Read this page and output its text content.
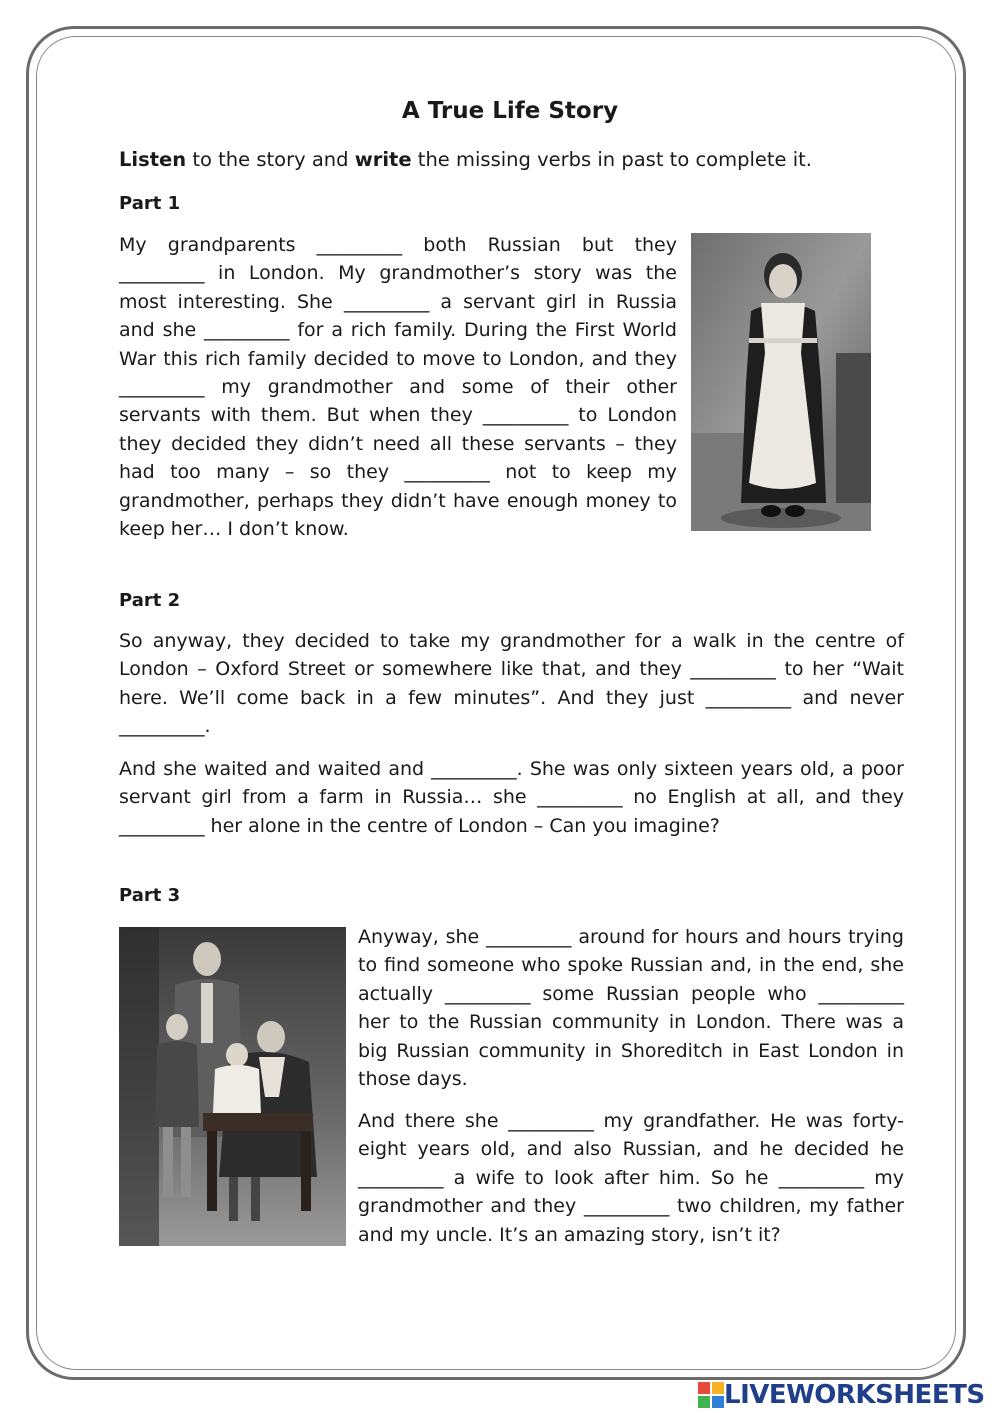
A True Life Story
Listen to the story and write the missing verbs in past to complete it.
Part 1

My grandparents _________ both Russian but they _________ in London. My grandmother’s story was the most interesting. She _________ a servant girl in Russia and she _________ for a rich family. During the First World War this rich family decided to move to London, and they _________ my grandmother and some of their other servants with them. But when they _________ to London they decided they didn’t need all these servants – they had too many – so they _________ not to keep my grandmother, perhaps they didn’t have enough money to keep her… I don’t know.

Part 2

So anyway, they decided to take my grandmother for a walk in the centre of London – Oxford Street or somewhere like that, and they _________ to her “Wait here. We’ll come back in a few minutes”. And they just _________ and never _________.

And she waited and waited and _________. She was only sixteen years old, a poor servant girl from a farm in Russia… she _________ no English at all, and they _________ her alone in the centre of London – Can you imagine?

Part 3

Anyway, she _________ around for hours and hours trying to find someone who spoke Russian and, in the end, she actually _________ some Russian people who _________ her to the Russian community in London. There was a big Russian community in Shoreditch in East London in those days.

And there she _________ my grandfather. He was forty-eight years old, and also Russian, and he decided he _________ a wife to look after him. So he _________ my grandmother and they _________ two children, my father and my uncle. It’s an amazing story, isn’t it?

LIVEWORKSHEETS
